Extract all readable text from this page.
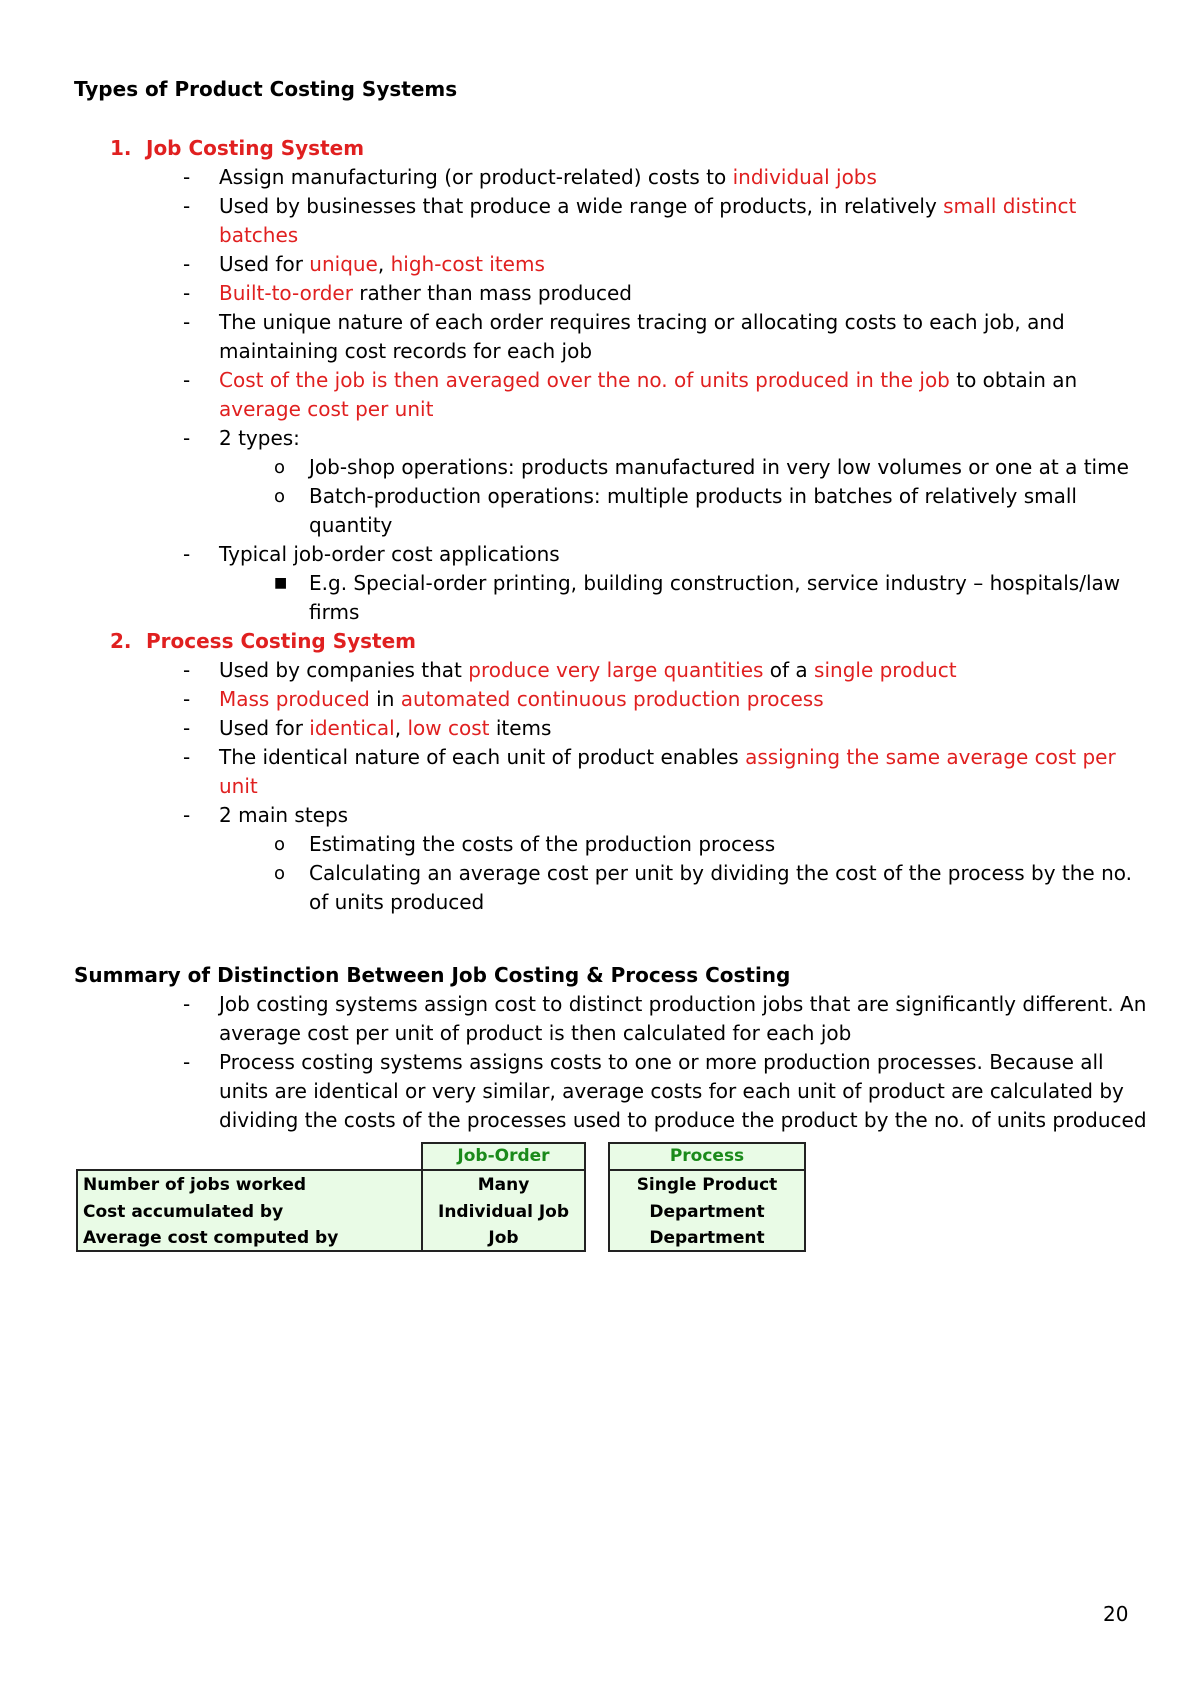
Types of Product Costing Systems
1. Job Costing System
- Assign manufacturing (or product-related) costs to individual jobs
- Used by businesses that produce a wide range of products, in relatively small distinct
batches
- Used for unique, high-cost items
- Built-to-order rather than mass produced
- The unique nature of each order requires tracing or allocating costs to each job, and
maintaining cost records for each job
- Cost of the job is then averaged over the no. of units produced in the job to obtain an
average cost per unit
- 2 types:
o Job-shop operations: products manufactured in very low volumes or one at a time
o Batch-production operations: multiple products in batches of relatively small
quantity
- Typical job-order cost applications
■ E.g. Special-order printing, building construction, service industry – hospitals/law
firms
2. Process Costing System
- Used by companies that produce very large quantities of a single product
- Mass produced in automated continuous production process
- Used for identical, low cost items
- The identical nature of each unit of product enables assigning the same average cost per
unit
- 2 main steps
o Estimating the costs of the production process
o Calculating an average cost per unit by dividing the cost of the process by the no.
of units produced
Summary of Distinction Between Job Costing & Process Costing
- Job costing systems assign cost to distinct production jobs that are significantly different. An
average cost per unit of product is then calculated for each job
- Process costing systems assigns costs to one or more production processes. Because all
units are identical or very similar, average costs for each unit of product are calculated by
dividing the costs of the processes used to produce the product by the no. of units produced
Job-Order	Process
Number of jobs worked
Cost accumulated by
Average cost computed by
Many
Individual Job
Job
Single Product
Department
Department
20
